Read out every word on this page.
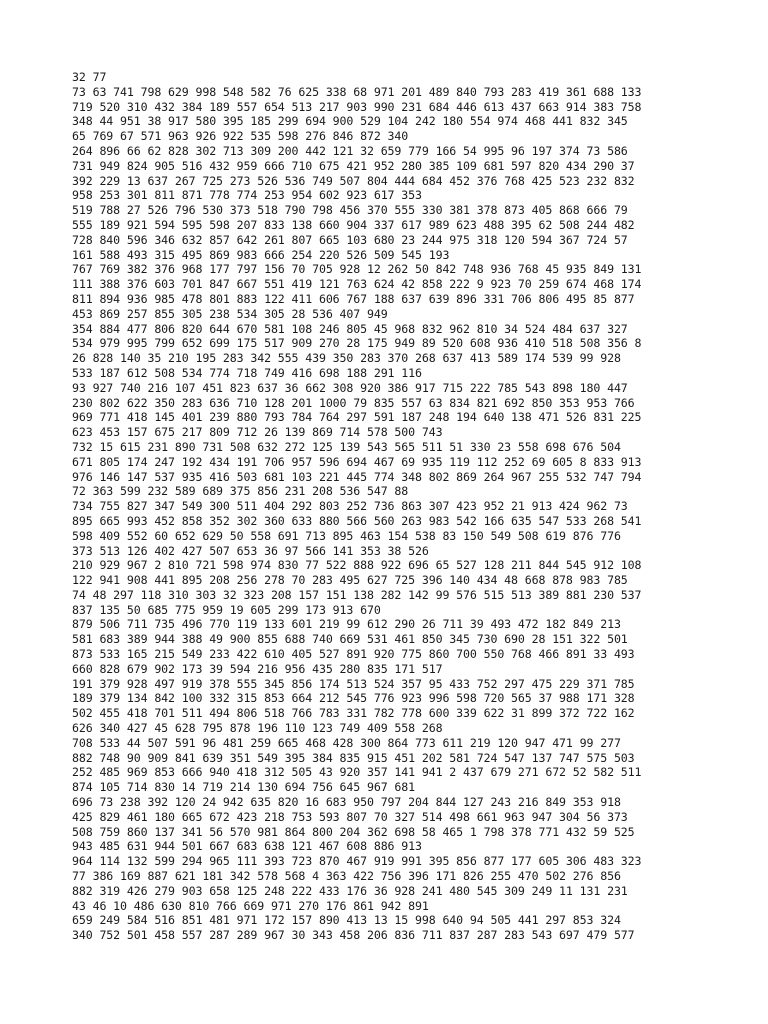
32 77
73 63 741 798 629 998 548 582 76 625 338 68 971 201 489 840 793 283 419 361 688 133
719 520 310 432 384 189 557 654 513 217 903 990 231 684 446 613 437 663 914 383 758
348 44 951 38 917 580 395 185 299 694 900 529 104 242 180 554 974 468 441 832 345
65 769 67 571 963 926 922 535 598 276 846 872 340
264 896 66 62 828 302 713 309 200 442 121 32 659 779 166 54 995 96 197 374 73 586
731 949 824 905 516 432 959 666 710 675 421 952 280 385 109 681 597 820 434 290 37
392 229 13 637 267 725 273 526 536 749 507 804 444 684 452 376 768 425 523 232 832
958 253 301 811 871 778 774 253 954 602 923 617 353
519 788 27 526 796 530 373 518 790 798 456 370 555 330 381 378 873 405 868 666 79
555 189 921 594 595 598 207 833 138 660 904 337 617 989 623 488 395 62 508 244 482
728 840 596 346 632 857 642 261 807 665 103 680 23 244 975 318 120 594 367 724 57
161 588 493 315 495 869 983 666 254 220 526 509 545 193
767 769 382 376 968 177 797 156 70 705 928 12 262 50 842 748 936 768 45 935 849 131
111 388 376 603 701 847 667 551 419 121 763 624 42 858 222 9 923 70 259 674 468 174
811 894 936 985 478 801 883 122 411 606 767 188 637 639 896 331 706 806 495 85 877
453 869 257 855 305 238 534 305 28 536 407 949
354 884 477 806 820 644 670 581 108 246 805 45 968 832 962 810 34 524 484 637 327
534 979 995 799 652 699 175 517 909 270 28 175 949 89 520 608 936 410 518 508 356 8
26 828 140 35 210 195 283 342 555 439 350 283 370 268 637 413 589 174 539 99 928
533 187 612 508 534 774 718 749 416 698 188 291 116
93 927 740 216 107 451 823 637 36 662 308 920 386 917 715 222 785 543 898 180 447
230 802 622 350 283 636 710 128 201 1000 79 835 557 63 834 821 692 850 353 953 766
969 771 418 145 401 239 880 793 784 764 297 591 187 248 194 640 138 471 526 831 225
623 453 157 675 217 809 712 26 139 869 714 578 500 743
732 15 615 231 890 731 508 632 272 125 139 543 565 511 51 330 23 558 698 676 504
671 805 174 247 192 434 191 706 957 596 694 467 69 935 119 112 252 69 605 8 833 913
976 146 147 537 935 416 503 681 103 221 445 774 348 802 869 264 967 255 532 747 794
72 363 599 232 589 689 375 856 231 208 536 547 88
734 755 827 347 549 300 511 404 292 803 252 736 863 307 423 952 21 913 424 962 73
895 665 993 452 858 352 302 360 633 880 566 560 263 983 542 166 635 547 533 268 541
598 409 552 60 652 629 50 558 691 713 895 463 154 538 83 150 549 508 619 876 776
373 513 126 402 427 507 653 36 97 566 141 353 38 526
210 929 967 2 810 721 598 974 830 77 522 888 922 696 65 527 128 211 844 545 912 108
122 941 908 441 895 208 256 278 70 283 495 627 725 396 140 434 48 668 878 983 785
74 48 297 118 310 303 32 323 208 157 151 138 282 142 99 576 515 513 389 881 230 537
837 135 50 685 775 959 19 605 299 173 913 670
879 506 711 735 496 770 119 133 601 219 99 612 290 26 711 39 493 472 182 849 213
581 683 389 944 388 49 900 855 688 740 669 531 461 850 345 730 690 28 151 322 501
873 533 165 215 549 233 422 610 405 527 891 920 775 860 700 550 768 466 891 33 493
660 828 679 902 173 39 594 216 956 435 280 835 171 517
191 379 928 497 919 378 555 345 856 174 513 524 357 95 433 752 297 475 229 371 785
189 379 134 842 100 332 315 853 664 212 545 776 923 996 598 720 565 37 988 171 328
502 455 418 701 511 494 806 518 766 783 331 782 778 600 339 622 31 899 372 722 162
626 340 427 45 628 795 878 196 110 123 749 409 558 268
708 533 44 507 591 96 481 259 665 468 428 300 864 773 611 219 120 947 471 99 277
882 748 90 909 841 639 351 549 395 384 835 915 451 202 581 724 547 137 747 575 503
252 485 969 853 666 940 418 312 505 43 920 357 141 941 2 437 679 271 672 52 582 511
874 105 714 830 14 719 214 130 694 756 645 967 681
696 73 238 392 120 24 942 635 820 16 683 950 797 204 844 127 243 216 849 353 918
425 829 461 180 665 672 423 218 753 593 807 70 327 514 498 661 963 947 304 56 373
508 759 860 137 341 56 570 981 864 800 204 362 698 58 465 1 798 378 771 432 59 525
943 485 631 944 501 667 683 638 121 467 608 886 913
964 114 132 599 294 965 111 393 723 870 467 919 991 395 856 877 177 605 306 483 323
77 386 169 887 621 181 342 578 568 4 363 422 756 396 171 826 255 470 502 276 856
882 319 426 279 903 658 125 248 222 433 176 36 928 241 480 545 309 249 11 131 231
43 46 10 486 630 810 766 669 971 270 176 861 942 891
659 249 584 516 851 481 971 172 157 890 413 13 15 998 640 94 505 441 297 853 324
340 752 501 458 557 287 289 967 30 343 458 206 836 711 837 287 283 543 697 479 577
